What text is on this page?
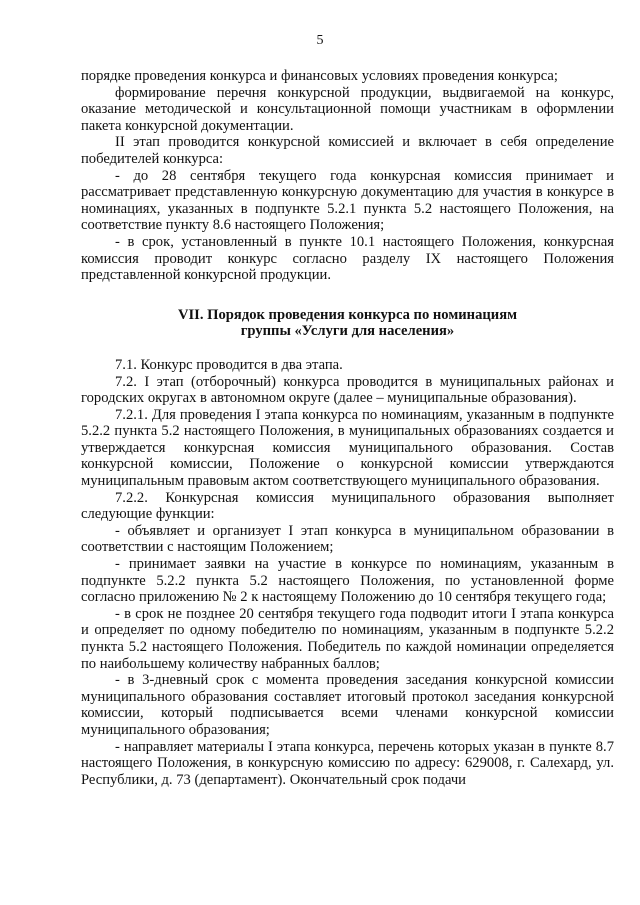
5

порядке проведения конкурса и финансовых условиях проведения конкурса;

формирование перечня конкурсной продукции, выдвигаемой на конкурс, оказание методической и консультационной помощи участникам в оформлении пакета конкурсной документации.

II этап проводится конкурсной комиссией и включает в себя определение победителей конкурса:

- до 28 сентября текущего года конкурсная комиссия принимает и рассматривает представленную конкурсную документацию для участия в конкурсе в номинациях, указанных в подпункте 5.2.1 пункта 5.2 настоящего Положения, на соответствие пункту 8.6 настоящего Положения;

- в срок, установленный в пункте 10.1 настоящего Положения, конкурсная комиссия проводит конкурс согласно разделу IX настоящего Положения представленной конкурсной продукции.

VII. Порядок проведения конкурса по номинациям
группы «Услуги для населения»

7.1. Конкурс проводится в два этапа.

7.2. I этап (отборочный) конкурса проводится в муниципальных районах и городских округах в автономном округе (далее – муниципальные образования).

7.2.1. Для проведения I этапа конкурса по номинациям, указанным в подпункте 5.2.2 пункта 5.2 настоящего Положения, в муниципальных образованиях создается и утверждается конкурсная комиссия муниципального образования. Состав конкурсной комиссии, Положение о конкурсной комиссии утверждаются муниципальным правовым актом соответствующего муниципального образования.

7.2.2. Конкурсная комиссия муниципального образования выполняет следующие функции:

- объявляет и организует I этап конкурса в муниципальном образовании в соответствии с настоящим Положением;

- принимает заявки на участие в конкурсе по номинациям, указанным в подпункте 5.2.2 пункта 5.2 настоящего Положения, по установленной форме согласно приложению № 2 к настоящему Положению до 10 сентября текущего года;

- в срок не позднее 20 сентября текущего года подводит итоги I этапа конкурса и определяет по одному победителю по номинациям, указанным в подпункте 5.2.2 пункта 5.2 настоящего Положения. Победитель по каждой номинации определяется по наибольшему количеству набранных баллов;

- в 3-дневный срок с момента проведения заседания конкурсной комиссии муниципального образования составляет итоговый протокол заседания конкурсной комиссии, который подписывается всеми членами конкурсной комиссии муниципального образования;

- направляет материалы I этапа конкурса, перечень которых указан в пункте 8.7 настоящего Положения, в конкурсную комиссию по адресу: 629008, г. Салехард, ул. Республики, д. 73 (департамент). Окончательный срок подачи
